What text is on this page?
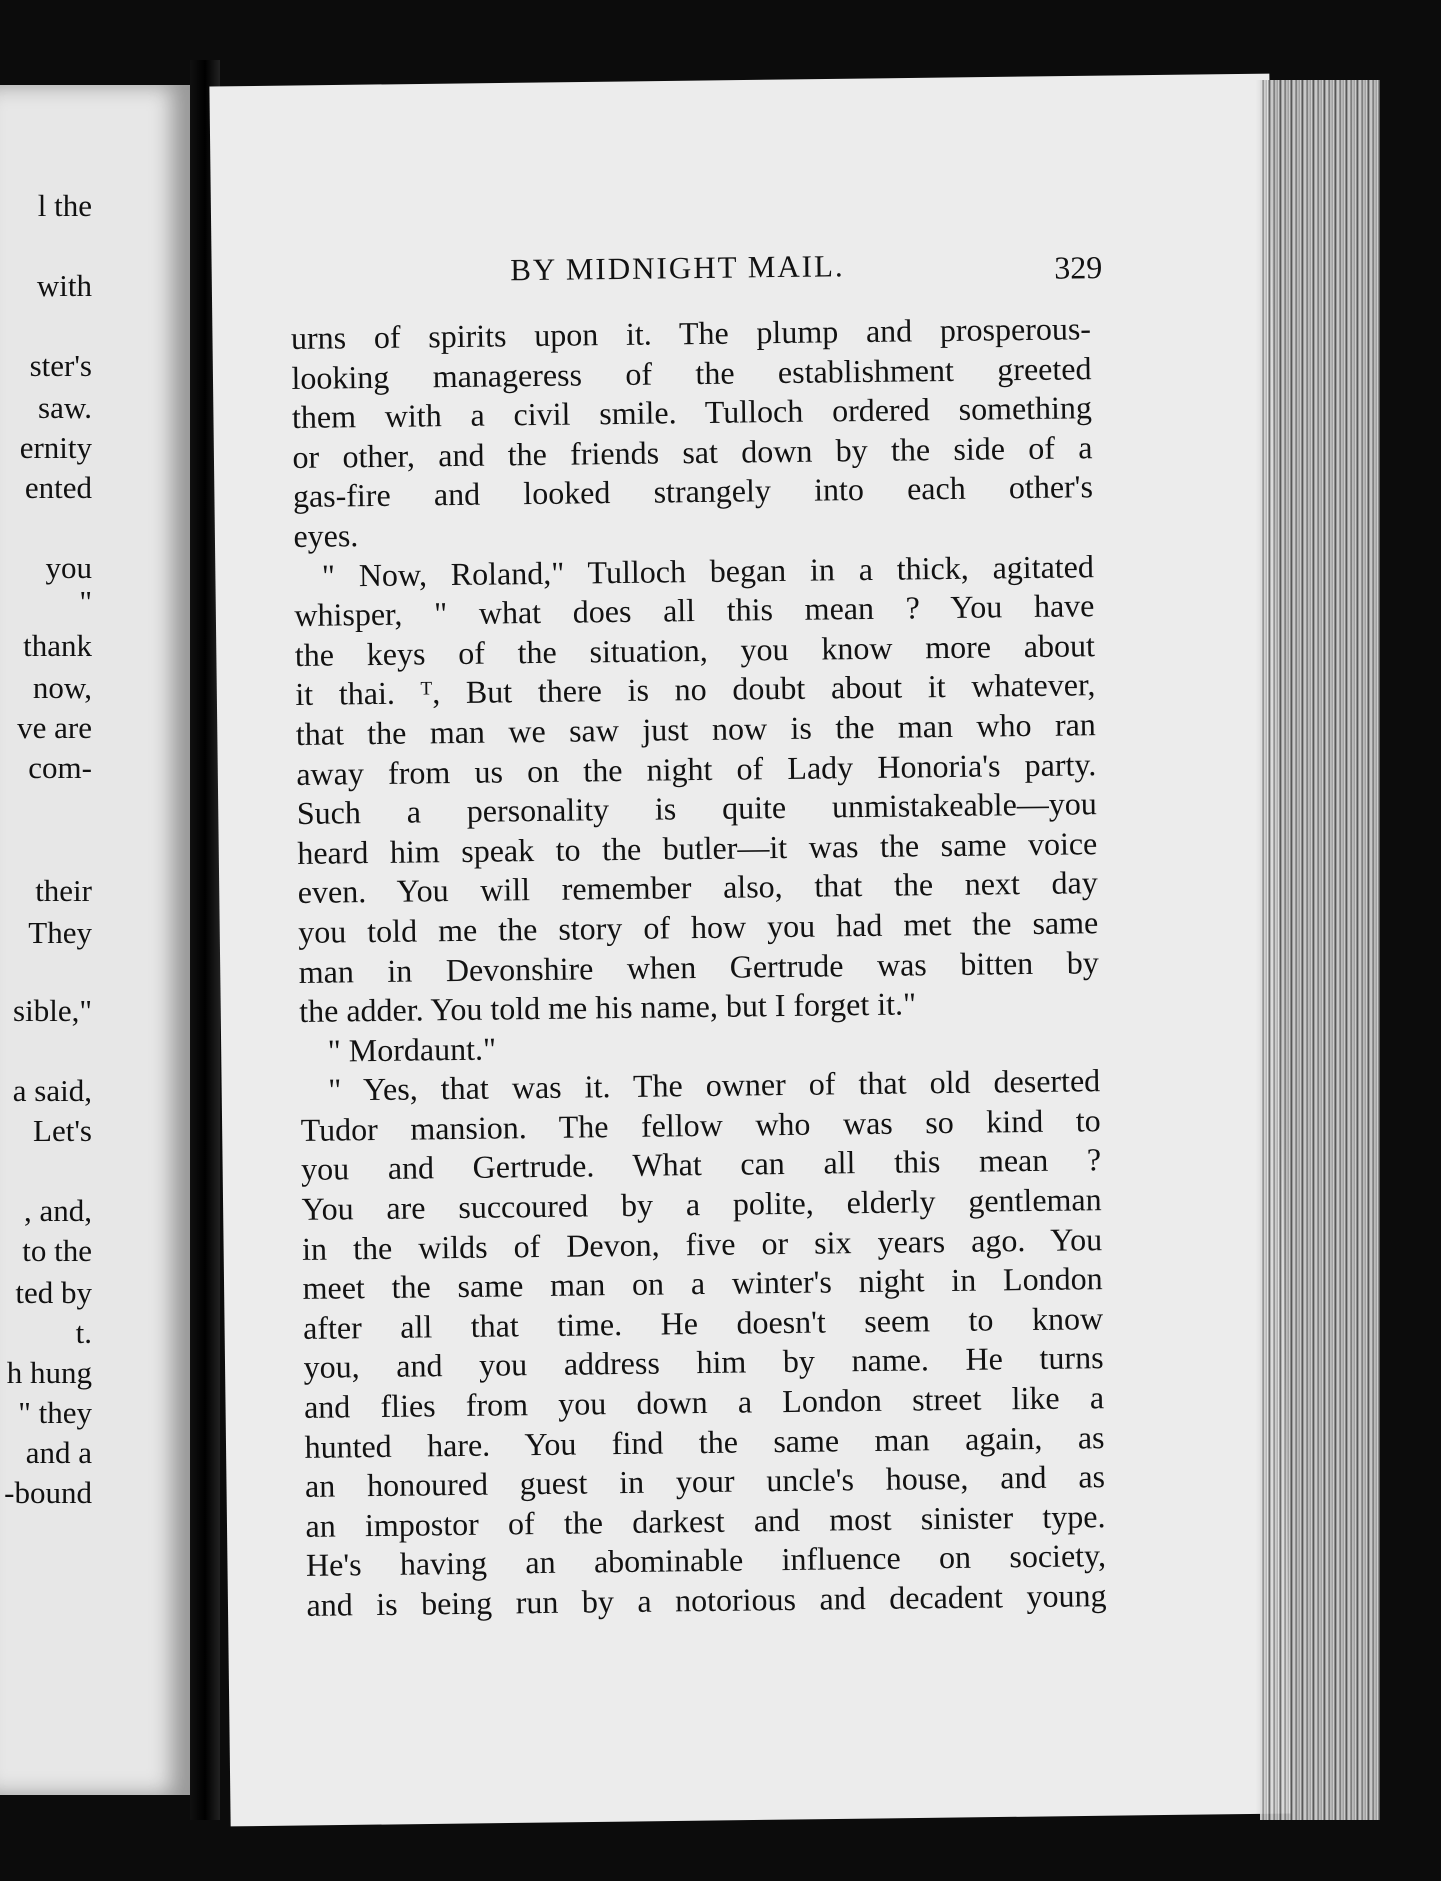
l the
with
ster's
saw.
ernity
ented
you
"
thank
now,
ve are
com-
their
They
sible,"
a said,
Let's
, and,
to the
ted by
t.
h hung
" they
and a
-bound
BY MIDNIGHT MAIL.	329
urns of spirits upon it. The plump and prosperous-
looking manageress of the establishment greeted
them with a civil smile. Tulloch ordered something
or other, and the friends sat down by the side of a
gas-fire and looked strangely into each other's
eyes.
" Now, Roland," Tulloch began in a thick, agitated
whisper, " what does all this mean ? You have
the keys of the situation, you know more about
it thai. ᵀ, But there is no doubt about it whatever,
that the man we saw just now is the man who ran
away from us on the night of Lady Honoria's party.
Such a personality is quite unmistakeable—you
heard him speak to the butler—it was the same voice
even. You will remember also, that the next day
you told me the story of how you had met the same
man in Devonshire when Gertrude was bitten by
the adder. You told me his name, but I forget it."
" Mordaunt."
" Yes, that was it. The owner of that old deserted
Tudor mansion. The fellow who was so kind to
you and Gertrude. What can all this mean ?
You are succoured by a polite, elderly gentleman
in the wilds of Devon, five or six years ago. You
meet the same man on a winter's night in London
after all that time. He doesn't seem to know
you, and you address him by name. He turns
and flies from you down a London street like a
hunted hare. You find the same man again, as
an honoured guest in your uncle's house, and as
an impostor of the darkest and most sinister type.
He's having an abominable influence on society,
and is being run by a notorious and decadent young
